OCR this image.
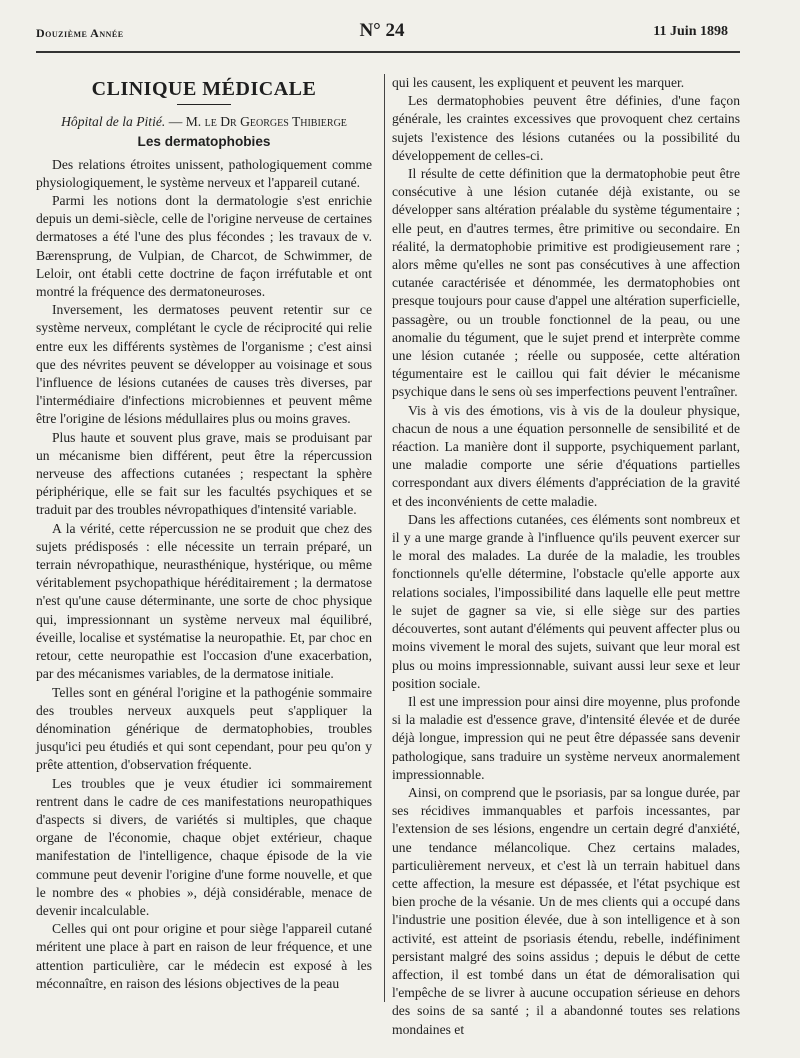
Douzième Année	N° 24	11 Juin 1898
CLINIQUE MÉDICALE
Hôpital de la Pitié. — M. le Dr Georges Thibierge
Les dermatophobies

Des relations étroites unissent, pathologiquement comme physiologiquement, le système nerveux et l'appareil cutané.

Parmi les notions dont la dermatologie s'est enrichie depuis un demi-siècle, celle de l'origine nerveuse de certaines dermatoses a été l'une des plus fécondes ; les travaux de v. Bærensprung, de Vulpian, de Charcot, de Schwimmer, de Leloir, ont établi cette doctrine de façon irréfutable et ont montré la fréquence des dermatoneuroses.

Inversement, les dermatoses peuvent retentir sur ce système nerveux, complétant le cycle de réciprocité qui relie entre eux les différents systèmes de l'organisme ; c'est ainsi que des névrites peuvent se développer au voisinage et sous l'influence de lésions cutanées de causes très diverses, par l'intermédiaire d'infections microbiennes et peuvent même être l'origine de lésions médullaires plus ou moins graves.

Plus haute et souvent plus grave, mais se produisant par un mécanisme bien différent, peut être la répercussion nerveuse des affections cutanées ; respectant la sphère périphérique, elle se fait sur les facultés psychiques et se traduit par des troubles névropathiques d'intensité variable.

A la vérité, cette répercussion ne se produit que chez des sujets prédisposés : elle nécessite un terrain préparé, un terrain névropathique, neurasthénique, hystérique, ou même véritablement psychopathique héréditairement ; la dermatose n'est qu'une cause déterminante, une sorte de choc physique qui, impressionnant un système nerveux mal équilibré, éveille, localise et systématise la neuropathie. Et, par choc en retour, cette neuropathie est l'occasion d'une exacerbation, par des mécanismes variables, de la dermatose initiale.

Telles sont en général l'origine et la pathogénie sommaire des troubles nerveux auxquels peut s'appliquer la dénomination générique de dermatophobies, troubles jusqu'ici peu étudiés et qui sont cependant, pour peu qu'on y prête attention, d'observation fréquente.

Les troubles que je veux étudier ici sommairement rentrent dans le cadre de ces manifestations neuropathiques d'aspects si divers, de variétés si multiples, que chaque organe de l'économie, chaque objet extérieur, chaque manifestation de l'intelligence, chaque épisode de la vie commune peut devenir l'origine d'une forme nouvelle, et que le nombre des « phobies », déjà considérable, menace de devenir incalculable.

Celles qui ont pour origine et pour siège l'appareil cutané méritent une place à part en raison de leur fréquence, et une attention particulière, car le médecin est exposé à les méconnaître, en raison des lésions objectives de la peau

qui les causent, les expliquent et peuvent les marquer.

Les dermatophobies peuvent être définies, d'une façon générale, les craintes excessives que provoquent chez certains sujets l'existence des lésions cutanées ou la possibilité du développement de celles-ci.

Il résulte de cette définition que la dermatophobie peut être consécutive à une lésion cutanée déjà existante, ou se développer sans altération préalable du système tégumentaire ; elle peut, en d'autres termes, être primitive ou secondaire. En réalité, la dermatophobie primitive est prodigieusement rare ; alors même qu'elles ne sont pas consécutives à une affection cutanée caractérisée et dénommée, les dermatophobies ont presque toujours pour cause d'appel une altération superficielle, passagère, ou un trouble fonctionnel de la peau, ou une anomalie du tégument, que le sujet prend et interprète comme une lésion cutanée ; réelle ou supposée, cette altération tégumentaire est le caillou qui fait dévier le mécanisme psychique dans le sens où ses imperfections peuvent l'entraîner.

Vis à vis des émotions, vis à vis de la douleur physique, chacun de nous a une équation personnelle de sensibilité et de réaction. La manière dont il supporte, psychiquement parlant, une maladie comporte une série d'équations partielles correspondant aux divers éléments d'appréciation de la gravité et des inconvénients de cette maladie.

Dans les affections cutanées, ces éléments sont nombreux et il y a une marge grande à l'influence qu'ils peuvent exercer sur le moral des malades. La durée de la maladie, les troubles fonctionnels qu'elle détermine, l'obstacle qu'elle apporte aux relations sociales, l'impossibilité dans laquelle elle peut mettre le sujet de gagner sa vie, si elle siège sur des parties découvertes, sont autant d'éléments qui peuvent affecter plus ou moins vivement le moral des sujets, suivant que leur moral est plus ou moins impressionnable, suivant aussi leur sexe et leur position sociale.

Il est une impression pour ainsi dire moyenne, plus profonde si la maladie est d'essence grave, d'intensité élevée et de durée déjà longue, impression qui ne peut être dépassée sans devenir pathologique, sans traduire un système nerveux anormalement impressionnable.

Ainsi, on comprend que le psoriasis, par sa longue durée, par ses récidives immanquables et parfois incessantes, par l'extension de ses lésions, engendre un certain degré d'anxiété, une tendance mélancolique. Chez certains malades, particulièrement nerveux, et c'est là un terrain habituel dans cette affection, la mesure est dépassée, et l'état psychique est bien proche de la vésanie. Un de mes clients qui a occupé dans l'industrie une position élevée, due à son intelligence et à son activité, est atteint de psoriasis étendu, rebelle, indéfiniment persistant malgré des soins assidus ; depuis le début de cette affection, il est tombé dans un état de démoralisation qui l'empêche de se livrer à aucune occupation sérieuse en dehors des soins de sa santé ; il a abandonné toutes ses relations mondaines et
